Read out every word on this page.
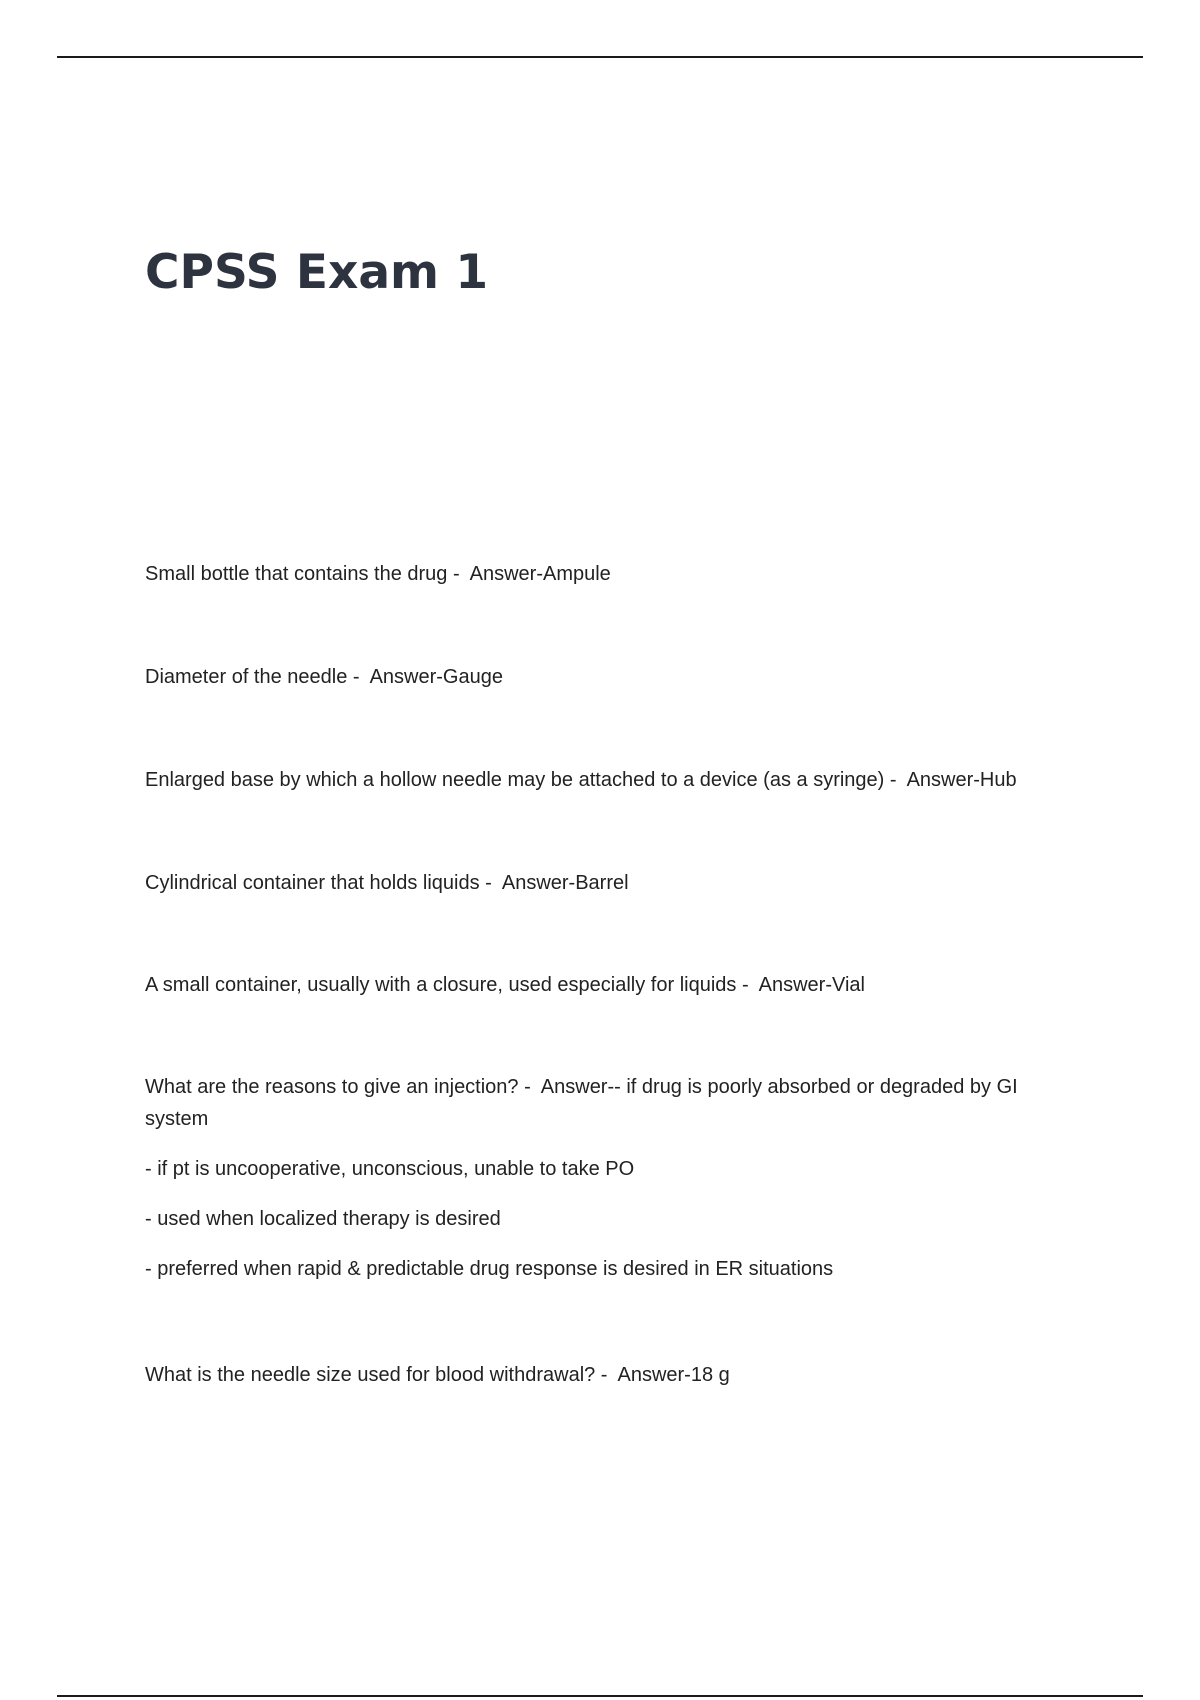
CPSS Exam 1

Small bottle that contains the drug -  Answer-Ampule

Diameter of the needle -  Answer-Gauge

Enlarged base by which a hollow needle may be attached to a device (as a syringe) -  Answer-Hub

Cylindrical container that holds liquids -  Answer-Barrel

A small container, usually with a closure, used especially for liquids -  Answer-Vial

What are the reasons to give an injection? -  Answer-- if drug is poorly absorbed or degraded by GI system

- if pt is uncooperative, unconscious, unable to take PO

- used when localized therapy is desired

- preferred when rapid & predictable drug response is desired in ER situations

What is the needle size used for blood withdrawal? -  Answer-18 g
